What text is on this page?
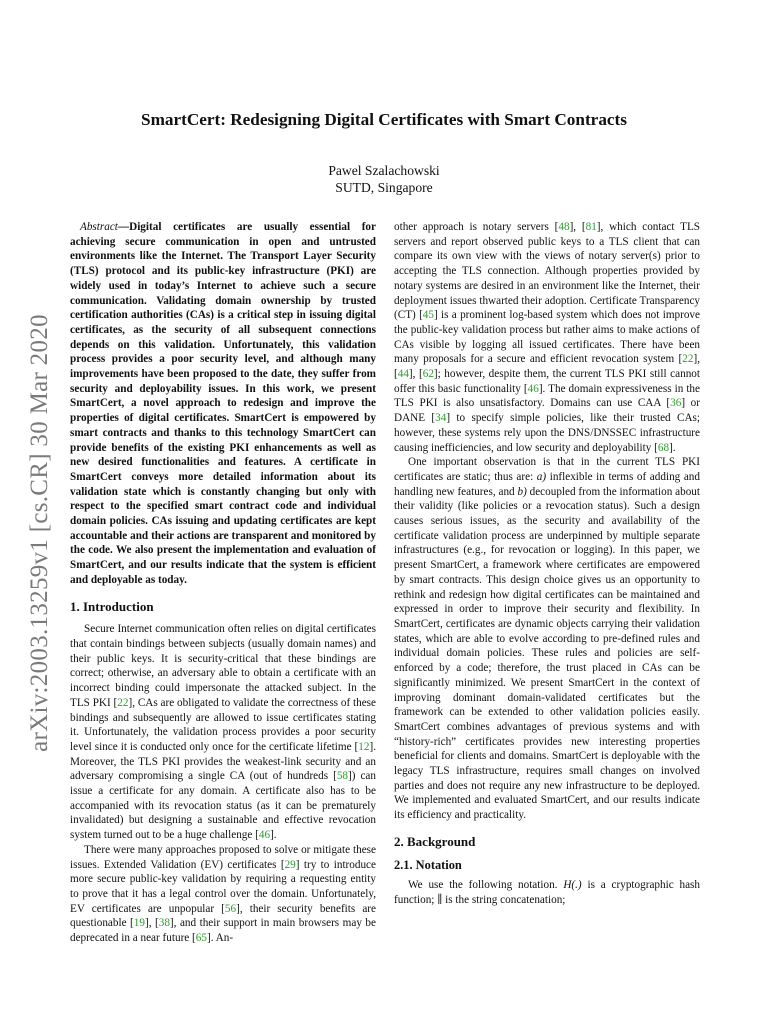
arXiv:2003.13259v1 [cs.CR] 30 Mar 2020
SmartCert: Redesigning Digital Certificates with Smart Contracts
Pawel Szalachowski
SUTD, Singapore

Abstract—Digital certificates are usually essential for achieving secure communication in open and untrusted environments like the Internet. The Transport Layer Security (TLS) protocol and its public-key infrastructure (PKI) are widely used in today’s Internet to achieve such a secure communication. Validating domain ownership by trusted certification authorities (CAs) is a critical step in issuing digital certificates, as the security of all subsequent connections depends on this validation. Unfortunately, this validation process provides a poor security level, and although many improvements have been proposed to the date, they suffer from security and deployability issues. In this work, we present SmartCert, a novel approach to redesign and improve the properties of digital certificates. SmartCert is empowered by smart contracts and thanks to this technology SmartCert can provide benefits of the existing PKI enhancements as well as new desired functionalities and features. A certificate in SmartCert conveys more detailed information about its validation state which is constantly changing but only with respect to the specified smart contract code and individual domain policies. CAs issuing and updating certificates are kept accountable and their actions are transparent and monitored by the code. We also present the implementation and evaluation of SmartCert, and our results indicate that the system is efficient and deployable as today.

1. Introduction

Secure Internet communication often relies on digital certificates that contain bindings between subjects (usually domain names) and their public keys. It is security-critical that these bindings are correct; otherwise, an adversary able to obtain a certificate with an incorrect binding could impersonate the attacked subject. In the TLS PKI [22], CAs are obligated to validate the correctness of these bindings and subsequently are allowed to issue certificates stating it. Unfortunately, the validation process provides a poor security level since it is conducted only once for the certificate lifetime [12]. Moreover, the TLS PKI provides the weakest-link security and an adversary compromising a single CA (out of hundreds [58]) can issue a certificate for any domain. A certificate also has to be accompanied with its revocation status (as it can be prematurely invalidated) but designing a sustainable and effective revocation system turned out to be a huge challenge [46].

There were many approaches proposed to solve or mitigate these issues. Extended Validation (EV) certificates [29] try to introduce more secure public-key validation by requiring a requesting entity to prove that it has a legal control over the domain. Unfortunately, EV certificates are unpopular [56], their security benefits are questionable [19], [38], and their support in main browsers may be deprecated in a near future [65]. An-

other approach is notary servers [48], [81], which contact TLS servers and report observed public keys to a TLS client that can compare its own view with the views of notary server(s) prior to accepting the TLS connection. Although properties provided by notary systems are desired in an environment like the Internet, their deployment issues thwarted their adoption. Certificate Transparency (CT) [45] is a prominent log-based system which does not improve the public-key validation process but rather aims to make actions of CAs visible by logging all issued certificates. There have been many proposals for a secure and efficient revocation system [22], [44], [62]; however, despite them, the current TLS PKI still cannot offer this basic functionality [46]. The domain expressiveness in the TLS PKI is also unsatisfactory. Domains can use CAA [36] or DANE [34] to specify simple policies, like their trusted CAs; however, these systems rely upon the DNS/DNSSEC infrastructure causing inefficiencies, and low security and deployability [68].

One important observation is that in the current TLS PKI certificates are static; thus are: a) inflexible in terms of adding and handling new features, and b) decoupled from the information about their validity (like policies or a revocation status). Such a design causes serious issues, as the security and availability of the certificate validation process are underpinned by multiple separate infrastructures (e.g., for revocation or logging). In this paper, we present SmartCert, a framework where certificates are empowered by smart contracts. This design choice gives us an opportunity to rethink and redesign how digital certificates can be maintained and expressed in order to improve their security and flexibility. In SmartCert, certificates are dynamic objects carrying their validation states, which are able to evolve according to pre-defined rules and individual domain policies. These rules and policies are self-enforced by a code; therefore, the trust placed in CAs can be significantly minimized. We present SmartCert in the context of improving dominant domain-validated certificates but the framework can be extended to other validation policies easily. SmartCert combines advantages of previous systems and with “history-rich” certificates provides new interesting properties beneficial for clients and domains. SmartCert is deployable with the legacy TLS infrastructure, requires small changes on involved parties and does not require any new infrastructure to be deployed. We implemented and evaluated SmartCert, and our results indicate its efficiency and practicality.

2. Background
2.1. Notation

We use the following notation. H(.) is a cryptographic hash function; ∥ is the string concatenation;
